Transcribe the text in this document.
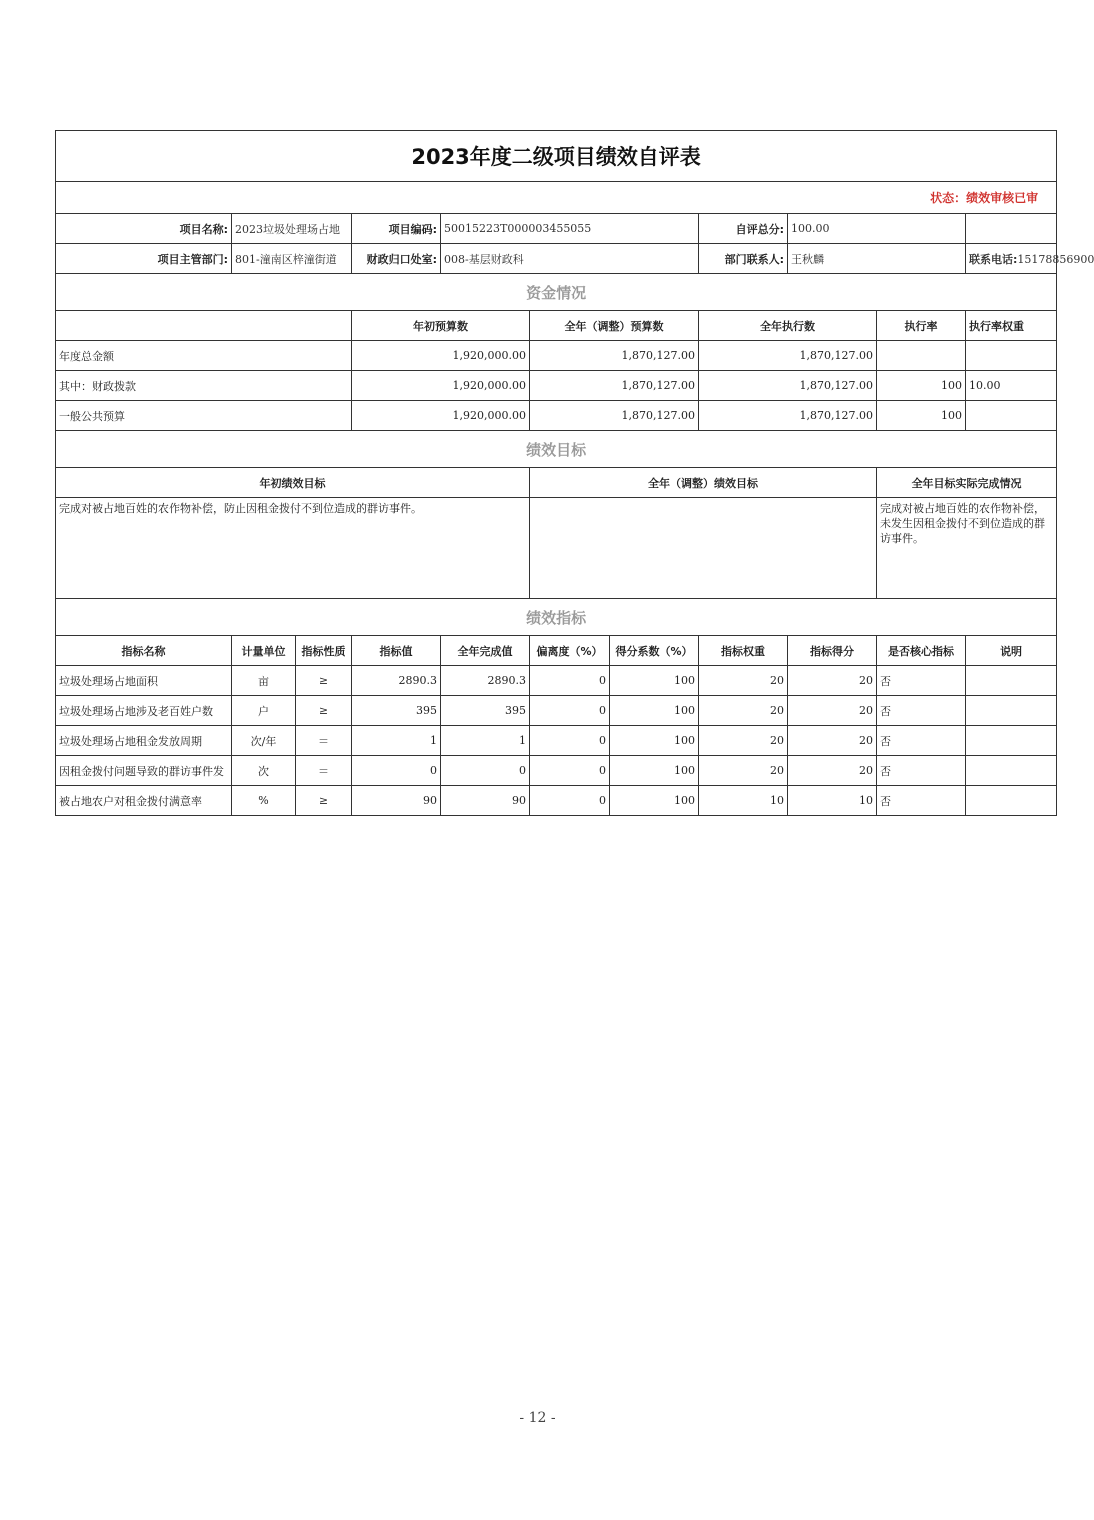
2023年度二级项目绩效自评表											
状态：绩效审核已审											
项目名称:	2023垃圾处理场占地		项目编码:	50015223T000003455055			自评总分:	100.00			
项目主管部门:	801-潼南区梓潼街道		财政归口处室:	008-基层财政科			部门联系人:	王秋麟		联系电话:15178856900	
资金情况											
			年初预算数		全年（调整）预算数		全年执行数		执行率	执行率权重	
年度总金额			1,920,000.00		1,870,127.00		1,870,127.00				
其中：财政拨款			1,920,000.00		1,870,127.00		1,870,127.00		100	10.00	
一般公共预算			1,920,000.00		1,870,127.00		1,870,127.00		100		
绩效目标											
年初绩效目标					全年（调整）绩效目标				全年目标实际完成情况		
完成对被占地百姓的农作物补偿，防止因租金拨付不到位造成的群访事件。									完成对被占地百姓的农作物补偿，未发生因租金拨付不到位造成的群访事件。		
绩效指标											
指标名称	计量单位	指标性质	指标值	全年完成值	偏离度（%）	得分系数（%）	指标权重	指标得分	是否核心指标	说明	
垃圾处理场占地面积	亩	≥	2890.3	2890.3	0	100	20	20	否		
垃圾处理场占地涉及老百姓户数	户	≥	395	395	0	100	20	20	否		
垃圾处理场占地租金发放周期	次/年	＝	1	1	0	100	20	20	否		
因租金拨付问题导致的群访事件发	次	＝	0	0	0	100	20	20	否		
被占地农户对租金拨付满意率	%	≥	90	90	0	100	10	10	否		
- 12 -
